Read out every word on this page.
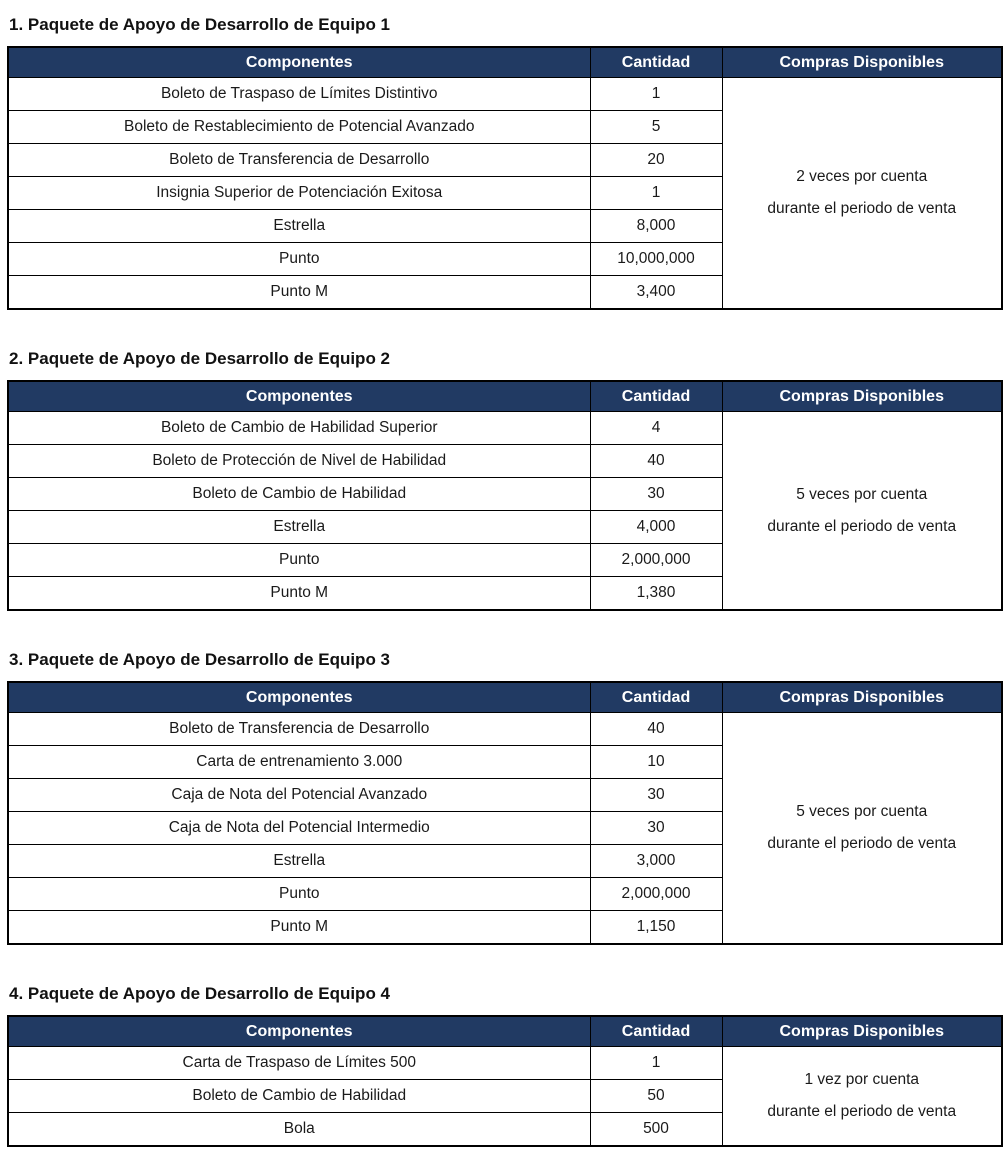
1. Paquete de Apoyo de Desarrollo de Equipo 1
Componentes	Cantidad	Compras Disponibles
Boleto de Traspaso de Límites Distintivo	1	2 veces por cuenta
durante el periodo de venta

Boleto de Restablecimiento de Potencial Avanzado	5	
Boleto de Transferencia de Desarrollo	20	
Insignia Superior de Potenciación Exitosa	1	
Estrella	8,000	
Punto	10,000,000	
Punto M	3,400	
2. Paquete de Apoyo de Desarrollo de Equipo 2
Componentes	Cantidad	Compras Disponibles
Boleto de Cambio de Habilidad Superior	4	5 veces por cuenta
durante el periodo de venta

Boleto de Protección de Nivel de Habilidad	40	
Boleto de Cambio de Habilidad	30	
Estrella	4,000	
Punto	2,000,000	
Punto M	1,380	
3. Paquete de Apoyo de Desarrollo de Equipo 3
Componentes	Cantidad	Compras Disponibles
Boleto de Transferencia de Desarrollo	40	5 veces por cuenta
durante el periodo de venta

Carta de entrenamiento 3.000	10	
Caja de Nota del Potencial Avanzado	30	
Caja de Nota del Potencial Intermedio	30	
Estrella	3,000	
Punto	2,000,000	
Punto M	1,150	
4. Paquete de Apoyo de Desarrollo de Equipo 4
Componentes	Cantidad	Compras Disponibles
Carta de Traspaso de Límites 500	1	1 vez por cuenta
durante el periodo de venta

Boleto de Cambio de Habilidad	50	
Bola	500	
